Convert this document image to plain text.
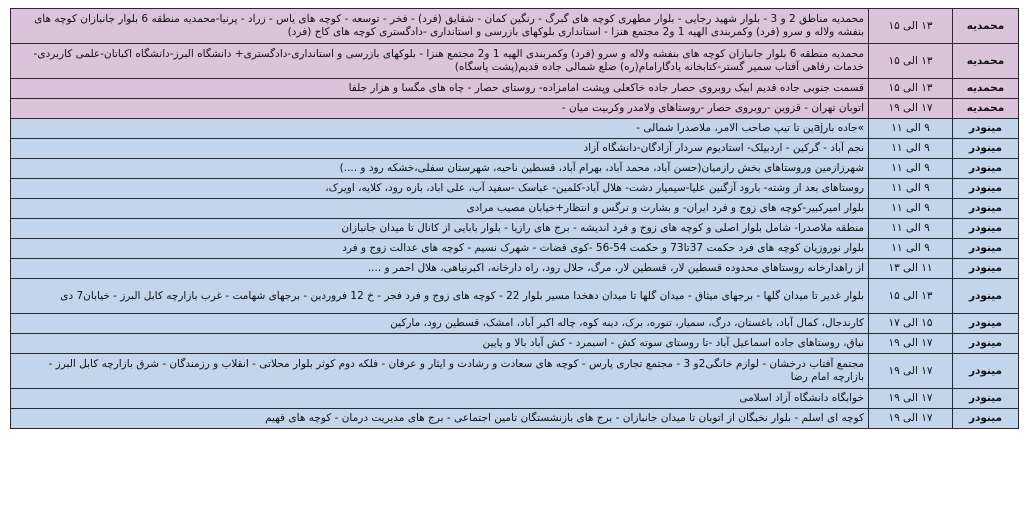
محمدیه	۱۳ الی ۱۵	محمدیه مناطق 2 و 3 - بلوار شهید رجایی - بلوار مطهری کوچه های گبرگ - رنگین کمان - شقایق (فرد) - فخر - توسعه - کوچه های یاس - زراد - پرنیا-محمدیه منطقه 6 بلوار جانبازان کوچه های بنفشه ولاله و سرو (فرد) وکمربندی الهیه 1 و2 مجتمع هنزا - استانداری بلوکهای بازرسی و استانداری -دادگستری کوچه های کاج (فرد)
محمدیه	۱۳ الی ۱۵	محمدیه منطقه 6 بلوار جانبازان کوچه های بنفشه ولاله و سرو (فرد) وکمربندی الهیه 1 و2 مجتمع هنزا - بلوکهای بازرسی و استانداری-دادگستری+ دانشگاه البرز-دانشگاه اکباتان-علمی کاربردی-خدمات رفاهی آفتاب سمیر گستر-کتابخانه یادگارامام(ره) ضلع شمالی جاده قدیم(پشت پاسگاه)
محمدیه	۱۳ الی ۱۵	قسمت جنوبی جاده قدیم ابیک روبروی حصار جاده خاکعلی وپشت امامزاده- روستای حصار - چاه های مگسا و هزار جلفا
محمدیه	۱۷ الی ۱۹	اتوبان تهران - قزوین -روبروی حصار -روستاهای ولامدر وکربیت میان -
مینودر	۹ الی ۱۱	»جاده بارajین تا تیپ صاحب الامر، ملاصدرا شمالی -
مینودر	۹ الی ۱۱	نجم آباد - گرکین - اردبیلک- استادیوم سردار آزادگان-دانشگاه آزاد
مینودر	۹ الی ۱۱	شهرزازمین وروستاهای بخش رازمیان(حسن آباد، محمد آباد، بهرام آباد، قسطین ناحیه، شهرستان سفلی،خشکه رود و ....)
مینودر	۹ الی ۱۱	روستاهای بعد از وشته- بارود آزگنین علیا-سیمیار دشت- هلال آباد-کلمین- عباسک -سفید آب، علی اباد، بازه رود، کلایه، اویرک،
مینودر	۹ الی ۱۱	بلوار امیرکبیر-کوچه های زوج و فرد ایران- و بشارت و نرگس و انتظار+خیابان مصیب مرادی
مینودر	۹ الی ۱۱	منطقه ملاصدرا- شامل بلوار اصلی و کوچه های زوج و فرد اندیشه - برج های رازیا - بلوار بابایی از کانال تا میدان جانبازان
مینودر	۹ الی ۱۱	بلوار نوروزیان کوچه های فرد حکمت 37تا73 و حکمت 54-56 -کوی قضات - شهرک نسیم - کوچه های عدالت زوج و فرد
مینودر	۱۱ الی ۱۳	از راهدارخانه روستاهای محدوده قسطین لار، قسطین لار، مرگ، حلال رود، راه دارخانه، اکبرنیاهی، هلال احمر و ....
مینودر	۱۳ الی ۱۵	بلوار غدیر تا میدان گلها - برجهای میثاق - میدان گلها تا میدان دهخدا مسیر بلوار 22 - کوچه های زوج و فرد فجر - خ 12 فروردین - برجهای شهامت - غرب بازارچه کابل البرز - خیابان7 دی
مینودر	۱۵ الی ۱۷	کارندجال، کمال آباد، باغستان، درگ، سمیار، تنوره، برک، دینه کوه، چاله اکبر آباد، امشک، قسطین رود، مارکین
مینودر	۱۷ الی ۱۹	نیاق، روستاهای جاده اسماعیل آباد -تا روستای سوته کش - اسبمرد - کش آباد بالا و پایین
مینودر	۱۷ الی ۱۹	مجتمع آفتاب درخشان - لوازم خانگی2و 3 - مجتمع تجاری پارس - کوچه های سعادت و رشادت و ایثار و عرفان - فلکه دوم کوثر بلوار محلاتی - انقلاب و رزمندگان - شرق بازارچه کابل البرز - بازارچه امام رضا
مینودر	۱۷ الی ۱۹	خوابگاه دانشگاه آزاد اسلامی
مینودر	۱۷ الی ۱۹	کوچه ای اسلم - بلوار نخبگان از اتوبان تا میدان جانبازان - برج های بازنشستگان تامین اجتماعی - برج های مدیریت درمان - کوچه های فهیم
